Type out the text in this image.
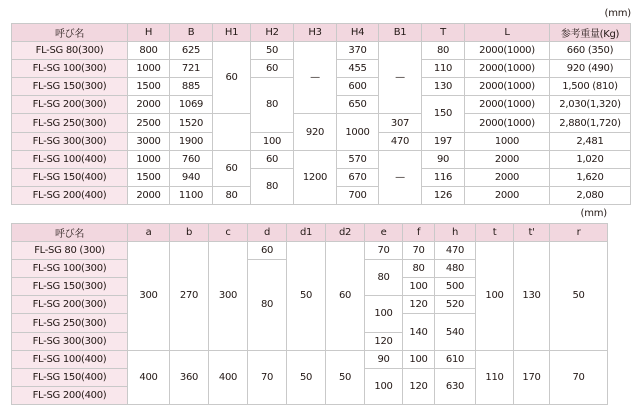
(mm)
呼び名	H	B	H1	H2	H3	H4	B1	T	L	参考重量(Kg)
FL-SG 80(300)	800	625	60	50	—	370	—	80	2000(1000)	660 (350)
FL-SG 100(300)	1000	721		60		455		110	2000(1000)	920 (490)
FL-SG 150(300)	1500	885		80		600		130	2000(1000)	1,500 (810)
FL-SG 200(300)	2000	1069				650		150	2000(1000)	2,030(1,320)
FL-SG 250(300)	2500	1520			920	1000	307		2000(1000)	2,880(1,720)
FL-SG 300(300)	3000	1900		100			470	197	1000	2,481
FL-SG 100(400)	1000	760	60	60	1200	570	—	90	2000	1,020
FL-SG 150(400)	1500	940		80		670		116	2000	1,620
FL-SG 200(400)	2000	1100	80			700		126	2000	2,080
(mm)
呼び名	a	b	c	d	d1	d2	e	f	h	t	t'	r
FL-SG 80 (300)	300	270	300	60	50	60	70	70	470	100	130	50
FL-SG 100(300)				80			80	80	480			
FL-SG 150(300)								100	500			
FL-SG 200(300)							100	120	520			
FL-SG 250(300)								140	540			
FL-SG 300(300)							120					
FL-SG 100(400)	400	360	400	70	50	50	90	100	610	110	170	70
FL-SG 150(400)							100	120	630			
FL-SG 200(400)												
